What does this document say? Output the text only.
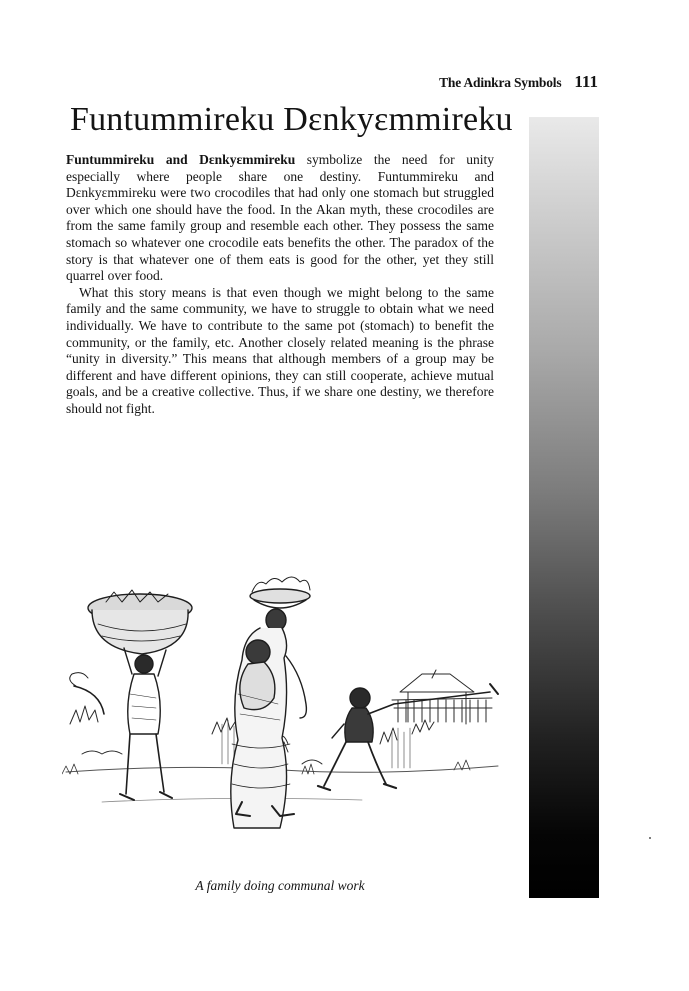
The Adinkra Symbols 111
Funtummireku Dɛnkyɛmmireku

Funtummireku and Dɛnkyɛmmireku symbolize the need for unity especially where people share one destiny. Funtummireku and Dɛnkyɛmmireku were two crocodiles that had only one stomach but struggled over which one should have the food. In the Akan myth, these crocodiles are from the same family group and resemble each other. They possess the same stomach so whatever one crocodile eats benefits the other. The paradox of the story is that whatever one of them eats is good for the other, yet they still quarrel over food.

What this story means is that even though we might belong to the same family and the same community, we have to struggle to obtain what we need individually. We have to contribute to the same pot (stomach) to benefit the community, or the family, etc. Another closely related meaning is the phrase “unity in diversity.” This means that although members of a group may be different and have different opinions, they can still cooperate, achieve mutual goals, and be a creative collective. Thus, if we share one destiny, we therefore should not fight.

A family doing communal work
